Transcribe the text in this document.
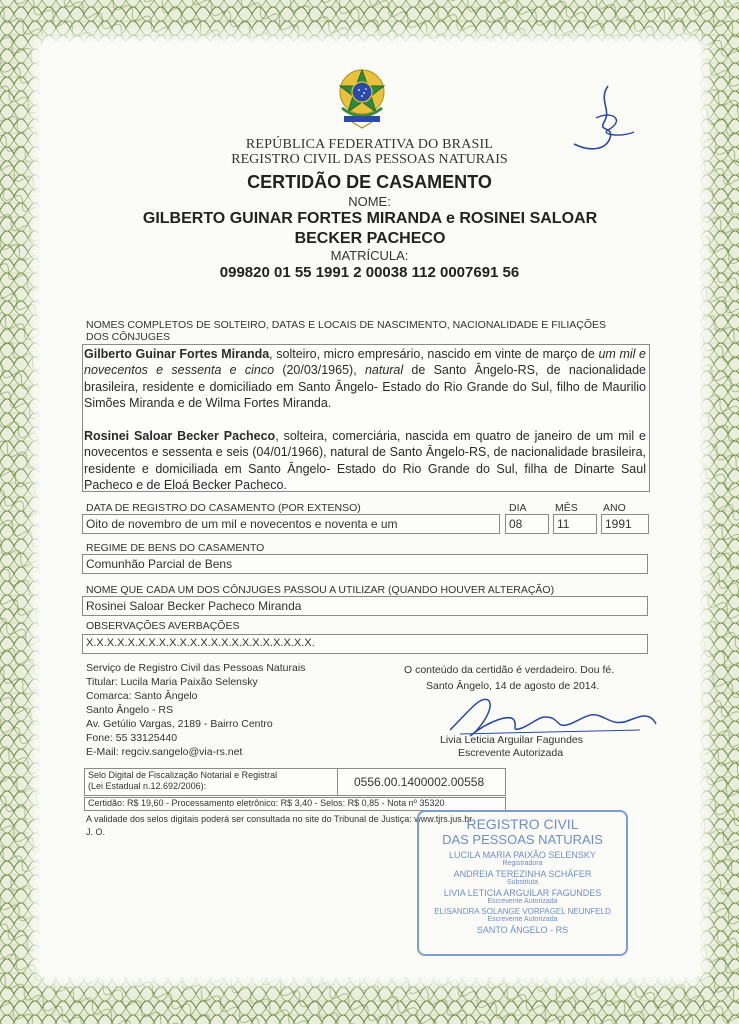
REPÚBLICA FEDERATIVA DO BRASIL
REGISTRO CIVIL DAS PESSOAS NATURAIS
CERTIDÃO DE CASAMENTO
NOME:
GILBERTO GUINAR FORTES MIRANDA e ROSINEI SALOAR BECKER PACHECO
MATRÍCULA:
099820 01 55 1991 2 00038 112 0007691 56
NOMES COMPLETOS DE SOLTEIRO, DATAS E LOCAIS DE NASCIMENTO, NACIONALIDADE E FILIAÇÕES
DOS CÔNJUGES
Gilberto Guinar Fortes Miranda, solteiro, micro empresário, nascido em vinte de março de um mil e novecentos e sessenta e cinco (20/03/1965), natural de Santo Ângelo-RS, de nacionalidade brasileira, residente e domiciliado em Santo Ângelo- Estado do Rio Grande do Sul, filho de Maurilio Simões Miranda e de Wilma Fortes Miranda.
Rosinei Saloar Becker Pacheco, solteira, comerciária, nascida em quatro de janeiro de um mil e novecentos e sessenta e seis (04/01/1966), natural de Santo Ângelo-RS, de nacionalidade brasileira, residente e domiciliada em Santo Ângelo- Estado do Rio Grande do Sul, filha de Dinarte Saul Pacheco e de Eloá Becker Pacheco.
DATA DE REGISTRO DO CASAMENTO (POR EXTENSO)	DIA	MÊS ANO
Oito de novembro de um mil e novecentos e noventa e um	08	11	1991
REGIME DE BENS DO CASAMENTO
Comunhão Parcial de Bens
NOME QUE CADA UM DOS CÔNJUGES PASSOU A UTILIZAR (QUANDO HOUVER ALTERAÇÃO)
Rosinei Saloar Becker Pacheco Miranda
OBSERVAÇÕES AVERBAÇÕES
X.X.X.X.X.X.X.X.X.X.X.X.X.X.X.X.X.X.X.X.X.X.
Serviço de Registro Civil das Pessoas Naturais
Titular: Lucila Maria Paixão Selensky
Comarca: Santo Ângelo
Santo Ângelo - RS
Av. Getúlio Vargas, 2189 - Bairro Centro
Fone: 55 33125440
E-Mail: regciv.sangelo@via-rs.net
O conteúdo da certidão é verdadeiro. Dou fé.
Santo Ângelo, 14 de agosto de 2014.
Livia Leticia Arguilar Fagundes
Escrevente Autorizada
Selo Digital de Fiscalização Notarial e Registral
(Lei Estadual n.12.692/2006):	0556.00.1400002.00558
Certidão: R$ 19,60 - Processamento eletrônico: R$ 3,40 - Selos: R$ 0,85 - Nota nº 35320
A validade dos selos digitais poderá ser consultada no site do Tribunal de Justiça: www.tjrs.jus.br
J. O.	REGISTRO CIVIL
DAS PESSOAS NATURAIS
LUCILA MARIA PAIXÃO SELENSKY
Registradora
ANDREIA TEREZINHA SCHÄFER
Substituta
LIVIA LETICIA ARGUILAR FAGUNDES
Escrevente Autorizada
ELISANDRA SOLANGE VORPAGEL NEUNFELD
Escrevente Autorizada
SANTO ÂNGELO - RS
